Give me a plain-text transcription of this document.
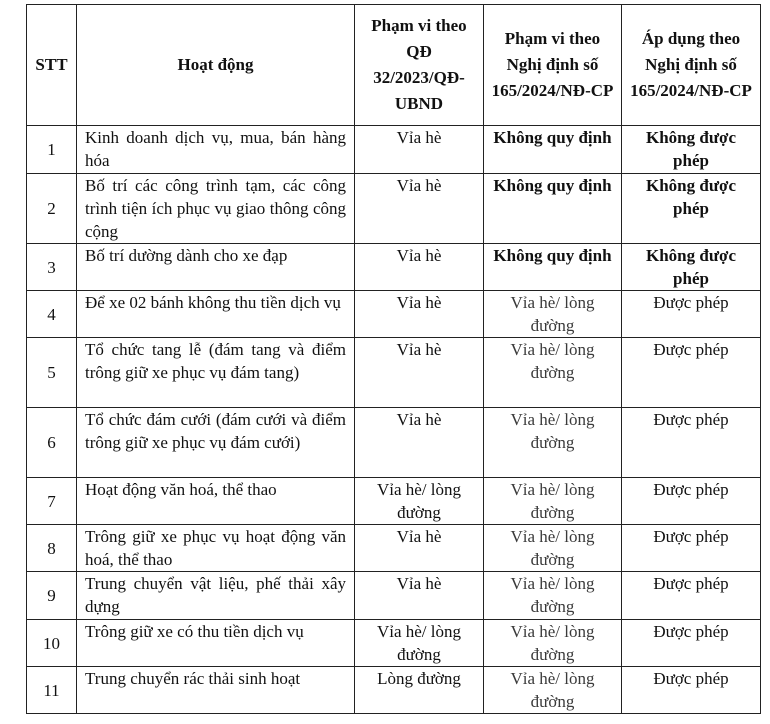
STT	Hoạt động	Phạm vi theo QĐ 32/2023/QĐ-UBND	Phạm vi theo Nghị định số 165/2024/NĐ-CP	Áp dụng theo Nghị định số 165/2024/NĐ-CP
1	Kinh doanh dịch vụ, mua, bán hàng hóa	Vỉa hè	Không quy định	Không được phép
2	Bố trí các công trình tạm, các công trình tiện ích phục vụ giao thông công cộng	Vỉa hè	Không quy định	Không được phép
3	Bố trí dường dành cho xe đạp	Vỉa hè	Không quy định	Không được phép
4	Để xe 02 bánh không thu tiền dịch vụ	Vỉa hè	Vỉa hè/ lòng đường	Được phép
5	Tổ chức tang lễ (đám tang và điểm trông giữ xe phục vụ đám tang)	Vỉa hè	Vỉa hè/ lòng đường	Được phép
6	Tổ chức đám cưới (đám cưới và điểm trông giữ xe phục vụ đám cưới)	Vỉa hè	Vỉa hè/ lòng đường	Được phép
7	Hoạt động văn hoá, thể thao	Vỉa hè/ lòng đường	Vỉa hè/ lòng đường	Được phép
8	Trông giữ xe phục vụ hoạt động văn hoá, thể thao	Vỉa hè	Vỉa hè/ lòng đường	Được phép
9	Trung chuyển vật liệu, phế thải xây dựng	Vỉa hè	Vỉa hè/ lòng đường	Được phép
10	Trông giữ xe có thu tiền dịch vụ	Vỉa hè/ lòng đường	Vỉa hè/ lòng đường	Được phép
11	Trung chuyển rác thải sinh hoạt	Lòng đường	Vỉa hè/ lòng đường	Được phép
